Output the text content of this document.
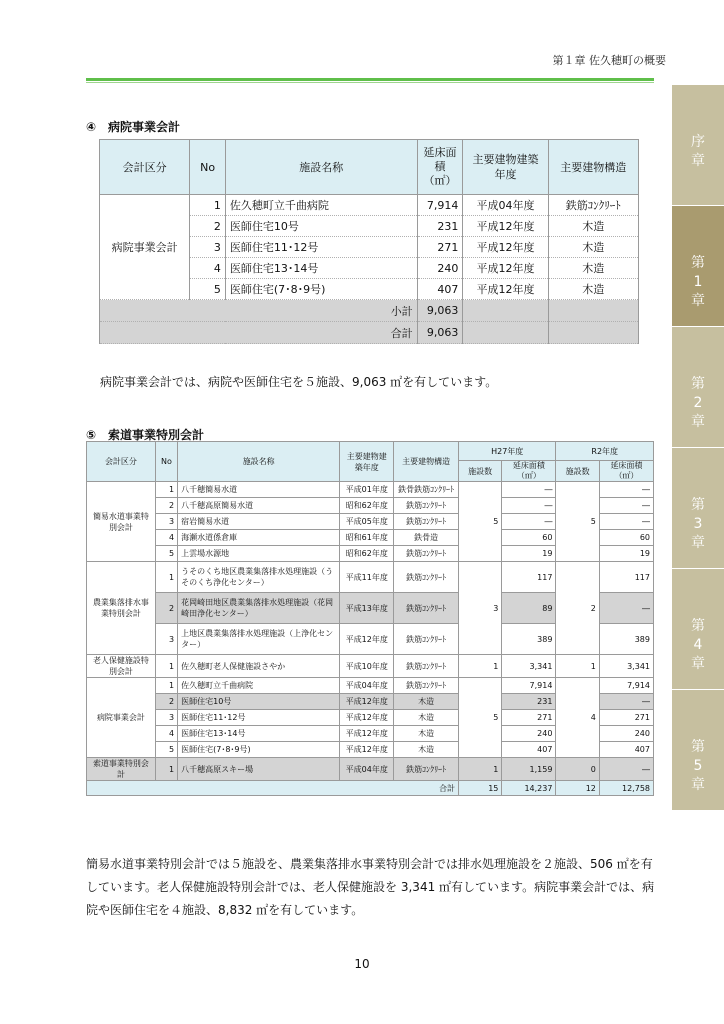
第１章 佐久穂町の概要
序
章
第
1
章
第
2
章
第
3
章
第
4
章
第
5
章
④ 病院事業会計
会計区分	No	施設名称	延床面積（㎡）	主要建物建築年度	主要建物構造
病院事業会計	1	佐久穂町立千曲病院	7,914	平成04年度	鉄筋ｺﾝｸﾘｰﾄ
	2	医師住宅10号	231	平成12年度	木造
	3	医師住宅11･12号	271	平成12年度	木造
	4	医師住宅13･14号	240	平成12年度	木造
	5	医師住宅(7･8･9号)	407	平成12年度	木造
小計			9,063		
合計			9,063		
病院事業会計では、病院や医師住宅を５施設、9,063 ㎡を有しています。
⑤ 索道事業特別会計
会計区分	No	施設名称	主要建物建築年度	主要建物構造	H27年度		R2年度	
					施設数	延床面積（㎡）	施設数	延床面積（㎡）
簡易水道事業特別会計	1	八千穂簡易水道	平成01年度	鉄骨鉄筋ｺﾝｸﾘｰﾄ	5	―	5	―
	2	八千穂高原簡易水道	昭和62年度	鉄筋ｺﾝｸﾘｰﾄ		―		―
	3	宿岩簡易水道	平成05年度	鉄筋ｺﾝｸﾘｰﾄ		―		―
	4	海瀬水道係倉庫	昭和61年度	鉄骨造		60		60
	5	上雲場水源地	昭和62年度	鉄筋ｺﾝｸﾘｰﾄ		19		19
農業集落排水事業特別会計	1	うそのくち地区農業集落排水処理施設（うそのくち浄化センター）	平成11年度	鉄筋ｺﾝｸﾘｰﾄ	3	117	2	117
	2	花岡崎田地区農業集落排水処理施設（花岡崎田浄化センター）	平成13年度	鉄筋ｺﾝｸﾘｰﾄ		89		―
	3	上地区農業集落排水処理施設（上浄化センター）	平成12年度	鉄筋ｺﾝｸﾘｰﾄ		389		389
老人保健施設特別会計	1	佐久穂町老人保健施設さやか	平成10年度	鉄筋ｺﾝｸﾘｰﾄ	1	3,341	1	3,341
病院事業会計	1	佐久穂町立千曲病院	平成04年度	鉄筋ｺﾝｸﾘｰﾄ	5	7,914	4	7,914
	2	医師住宅10号	平成12年度	木造		231		―
	3	医師住宅11･12号	平成12年度	木造		271		271
	4	医師住宅13･14号	平成12年度	木造		240		240
	5	医師住宅(7･8･9号)	平成12年度	木造		407		407
索道事業特別会計	1	八千穂高原スキー場	平成04年度	鉄筋ｺﾝｸﾘｰﾄ	1	1,159	0	―
合計					15	14,237	12	12,758
簡易水道事業特別会計では５施設を、農業集落排水事業特別会計では排水処理施設を２施設、506 ㎡を有しています。老人保健施設特別会計では、老人保健施設を 3,341 ㎡有しています。病院事業会計では、病院や医師住宅を４施設、8,832 ㎡を有しています。
10
